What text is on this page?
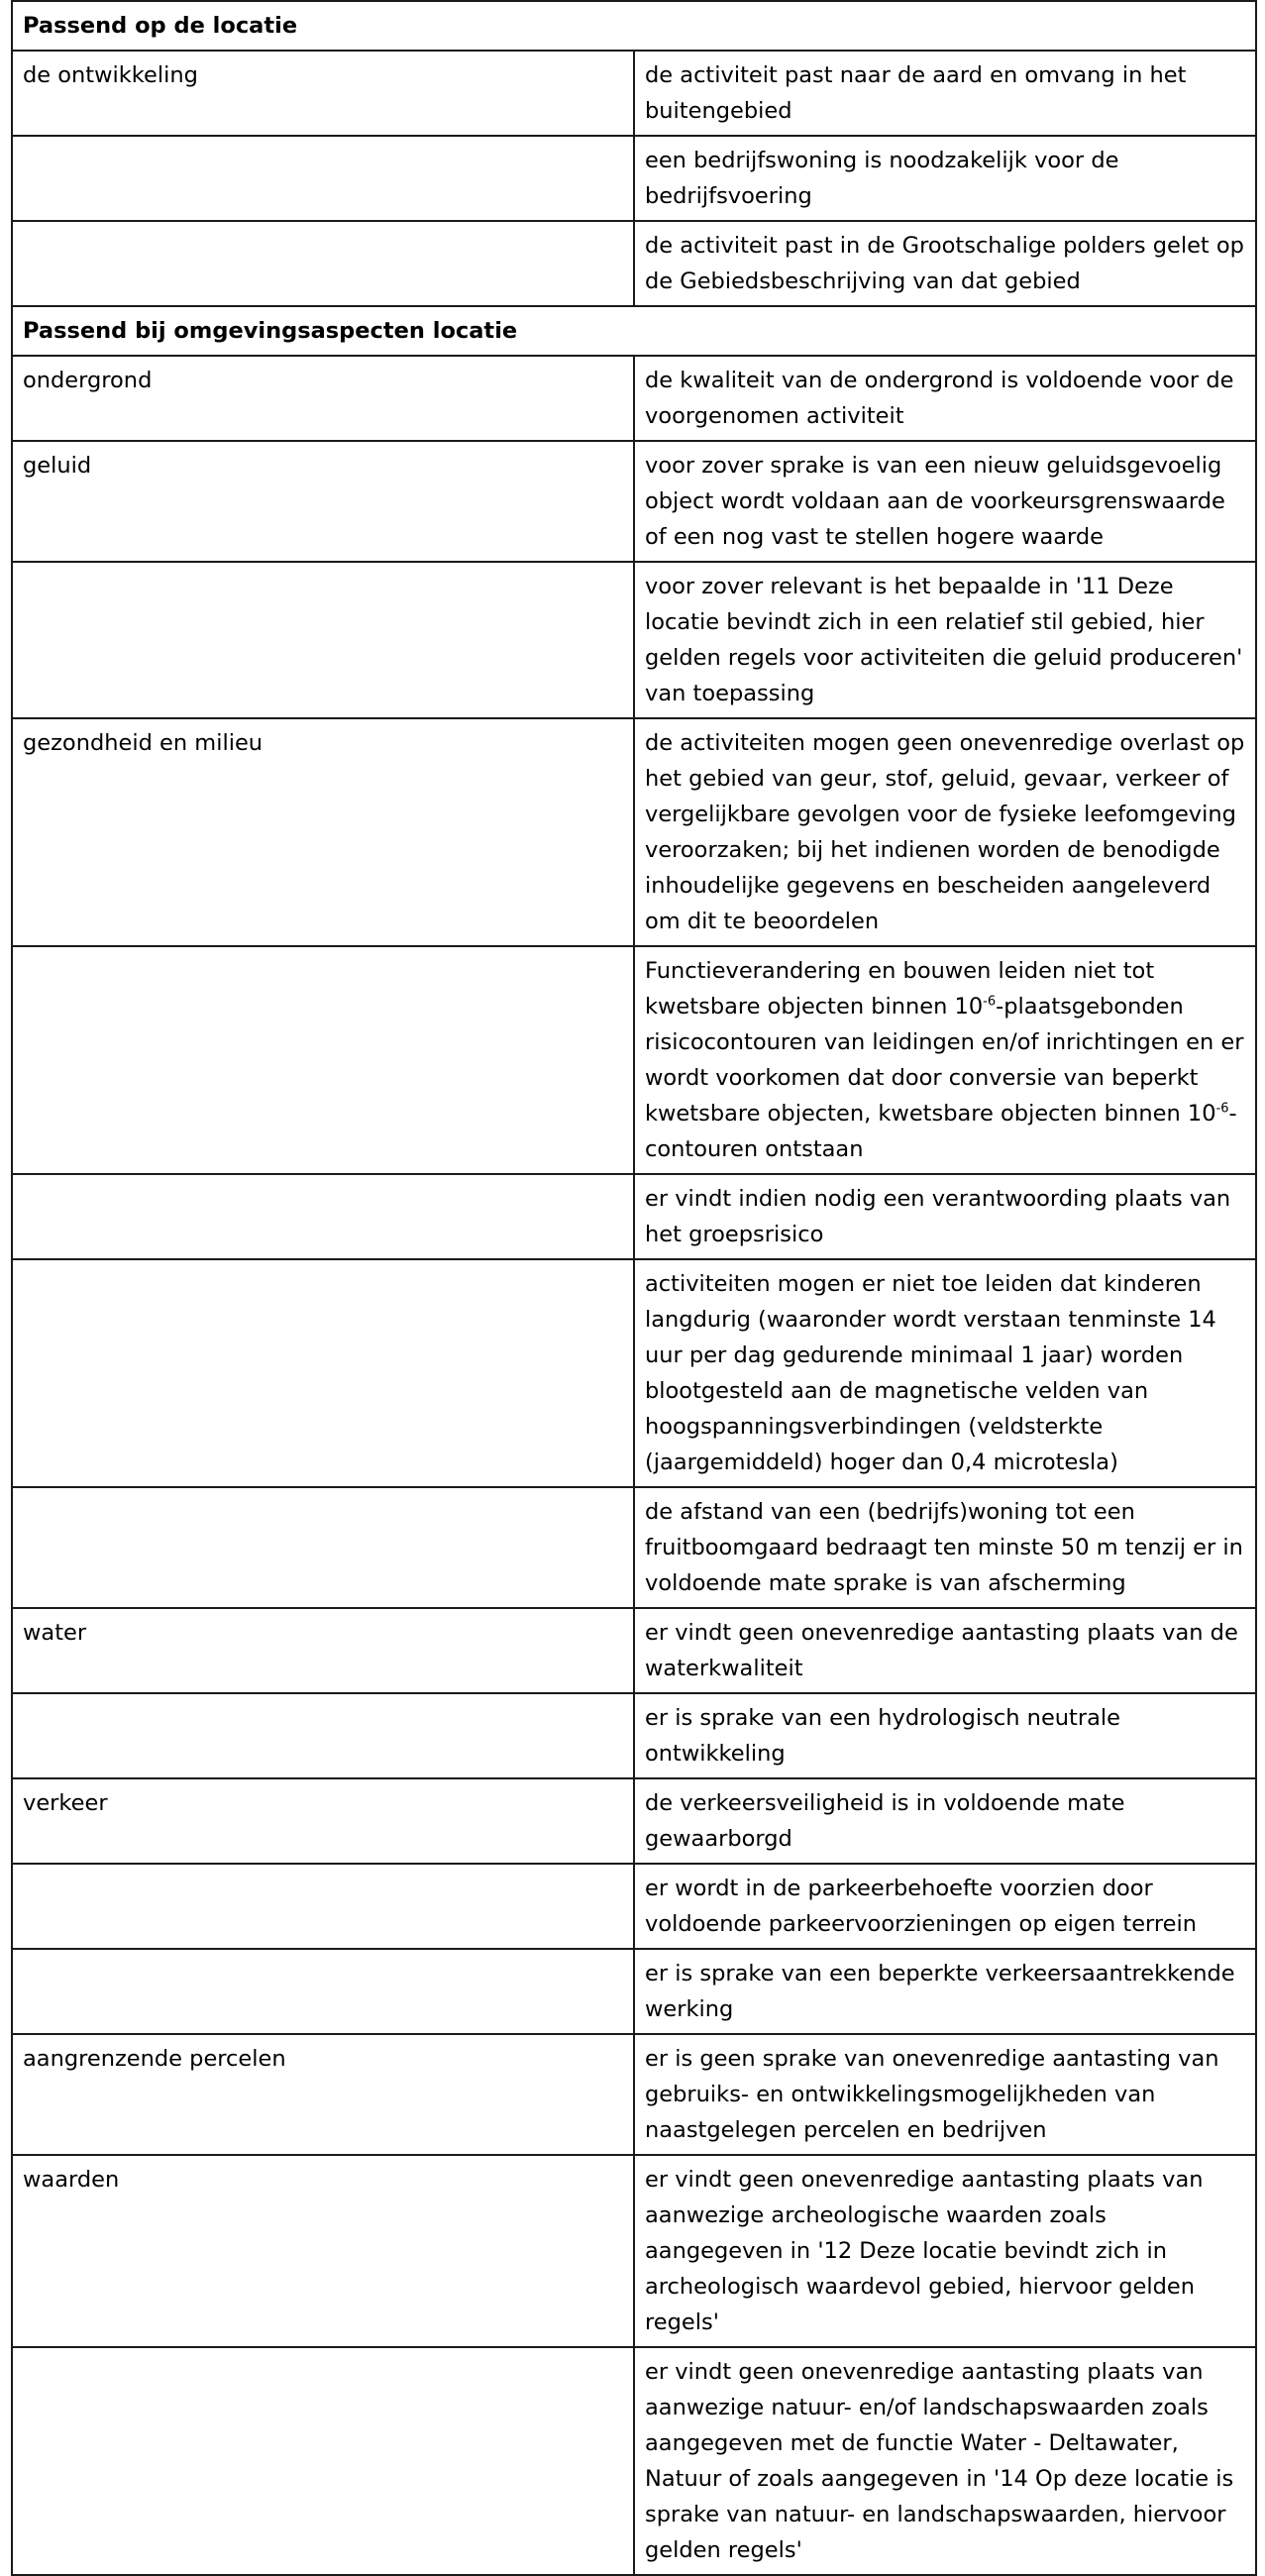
Passend op de locatie	
de ontwikkeling	de activiteit past naar de aard en omvang in het buitengebied
	een bedrijfswoning is noodzakelijk voor de bedrijfsvoering
	de activiteit past in de Grootschalige polders gelet op de Gebiedsbeschrijving van dat gebied
Passend bij omgevingsaspecten locatie	
ondergrond	de kwaliteit van de ondergrond is voldoende voor de voorgenomen activiteit
geluid	voor zover sprake is van een nieuw geluidsgevoelig object wordt voldaan aan de voorkeursgrenswaarde of een nog vast te stellen hogere waarde
	voor zover relevant is het bepaalde in '11 Deze locatie bevindt zich in een relatief stil gebied, hier gelden regels voor activiteiten die geluid produceren' van toepassing
gezondheid en milieu	de activiteiten mogen geen onevenredige overlast op het gebied van geur, stof, geluid, gevaar, verkeer of vergelijkbare gevolgen voor de fysieke leefomgeving veroorzaken; bij het indienen worden de benodigde inhoudelijke gegevens en bescheiden aangeleverd om dit te beoordelen
	Functieverandering en bouwen leiden niet tot kwetsbare objecten binnen $10^{-6}$-plaatsgebonden risicocontouren van leidingen en/of inrichtingen en er wordt voorkomen dat door conversie van beperkt kwetsbare objecten, kwetsbare objecten binnen $10^{-6}$-contouren ontstaan
	er vindt indien nodig een verantwoording plaats van het groepsrisico
	activiteiten mogen er niet toe leiden dat kinderen langdurig (waaronder wordt verstaan tenminste 14 uur per dag gedurende minimaal 1 jaar) worden blootgesteld aan de magnetische velden van hoogspanningsverbindingen (veldsterkte (jaargemiddeld) hoger dan 0,4 microtesla)
	de afstand van een (bedrijfs)woning tot een fruitboomgaard bedraagt ten minste 50 m tenzij er in voldoende mate sprake is van afscherming
water	er vindt geen onevenredige aantasting plaats van de waterkwaliteit
	er is sprake van een hydrologisch neutrale ontwikkeling
verkeer	de verkeersveiligheid is in voldoende mate gewaarborgd
	er wordt in de parkeerbehoefte voorzien door voldoende parkeervoorzieningen op eigen terrein
	er is sprake van een beperkte verkeersaantrekkende werking
aangrenzende percelen	er is geen sprake van onevenredige aantasting van gebruiks- en ontwikkelingsmogelijkheden van naastgelegen percelen en bedrijven
waarden	er vindt geen onevenredige aantasting plaats van aanwezige archeologische waarden zoals aangegeven in '12 Deze locatie bevindt zich in archeologisch waardevol gebied, hiervoor gelden regels'
	er vindt geen onevenredige aantasting plaats van aanwezige natuur- en/of landschapswaarden zoals aangegeven met de functie Water - Deltawater, Natuur of zoals aangegeven in '14 Op deze locatie is sprake van natuur- en landschapswaarden, hiervoor gelden regels'
